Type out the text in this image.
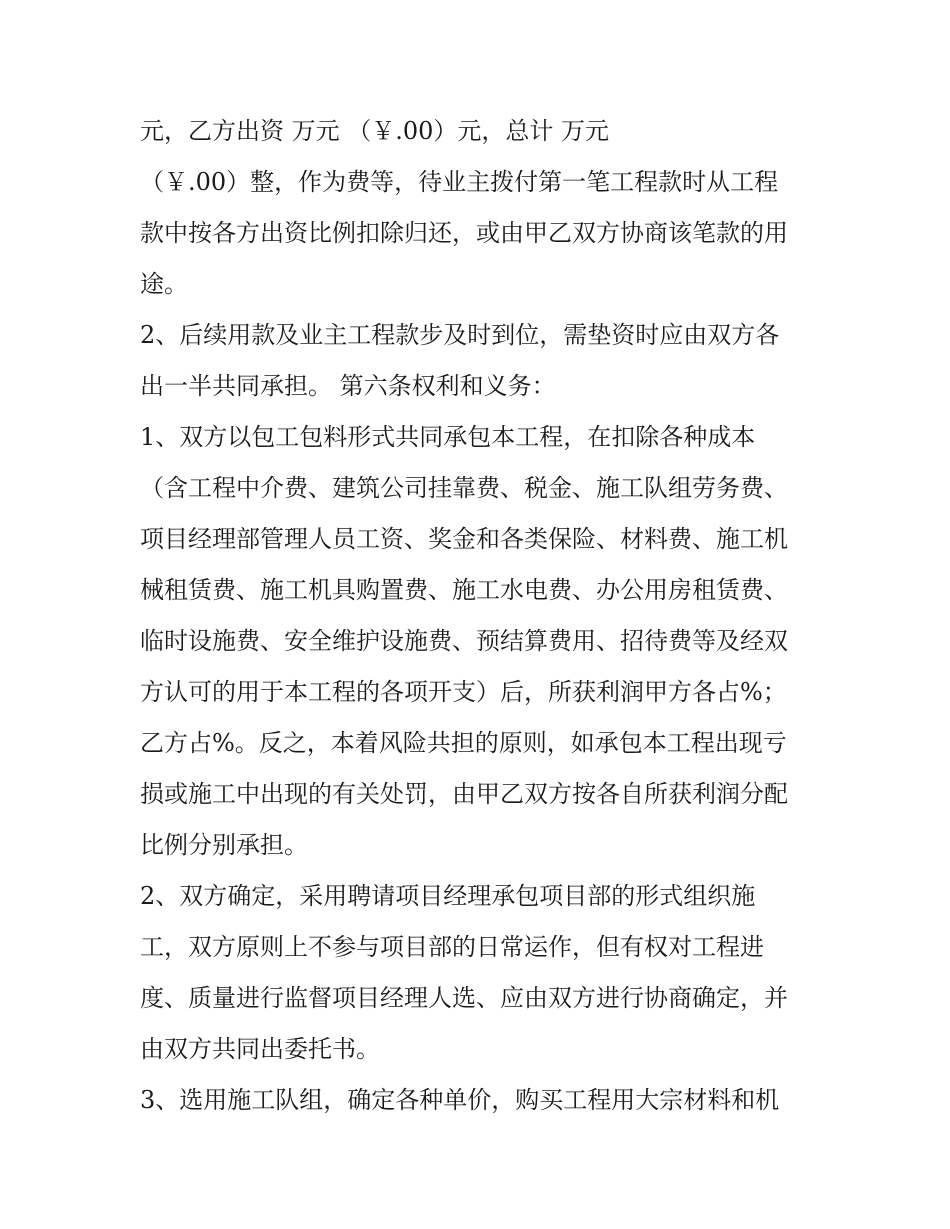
元，乙方出资 万元 （￥.00）元，总计 万元
（￥.00）整，作为费等，待业主拨付第一笔工程款时从工程
款中按各方出资比例扣除归还，或由甲乙双方协商该笔款的用
途。
2、后续用款及业主工程款步及时到位，需垫资时应由双方各
出一半共同承担。 第六条权利和义务：
1、双方以包工包料形式共同承包本工程，在扣除各种成本
（含工程中介费、建筑公司挂靠费、税金、施工队组劳务费、
项目经理部管理人员工资、奖金和各类保险、材料费、施工机
械租赁费、施工机具购置费、施工水电费、办公用房租赁费、
临时设施费、安全维护设施费、预结算费用、招待费等及经双
方认可的用于本工程的各项开支）后，所获利润甲方各占%；
乙方占%。反之，本着风险共担的原则，如承包本工程出现亏
损或施工中出现的有关处罚，由甲乙双方按各自所获利润分配
比例分别承担。
2、双方确定，采用聘请项目经理承包项目部的形式组织施
工，双方原则上不参与项目部的日常运作，但有权对工程进
度、质量进行监督项目经理人选、应由双方进行协商确定，并
由双方共同出委托书。
3、选用施工队组，确定各种单价，购买工程用大宗材料和机
